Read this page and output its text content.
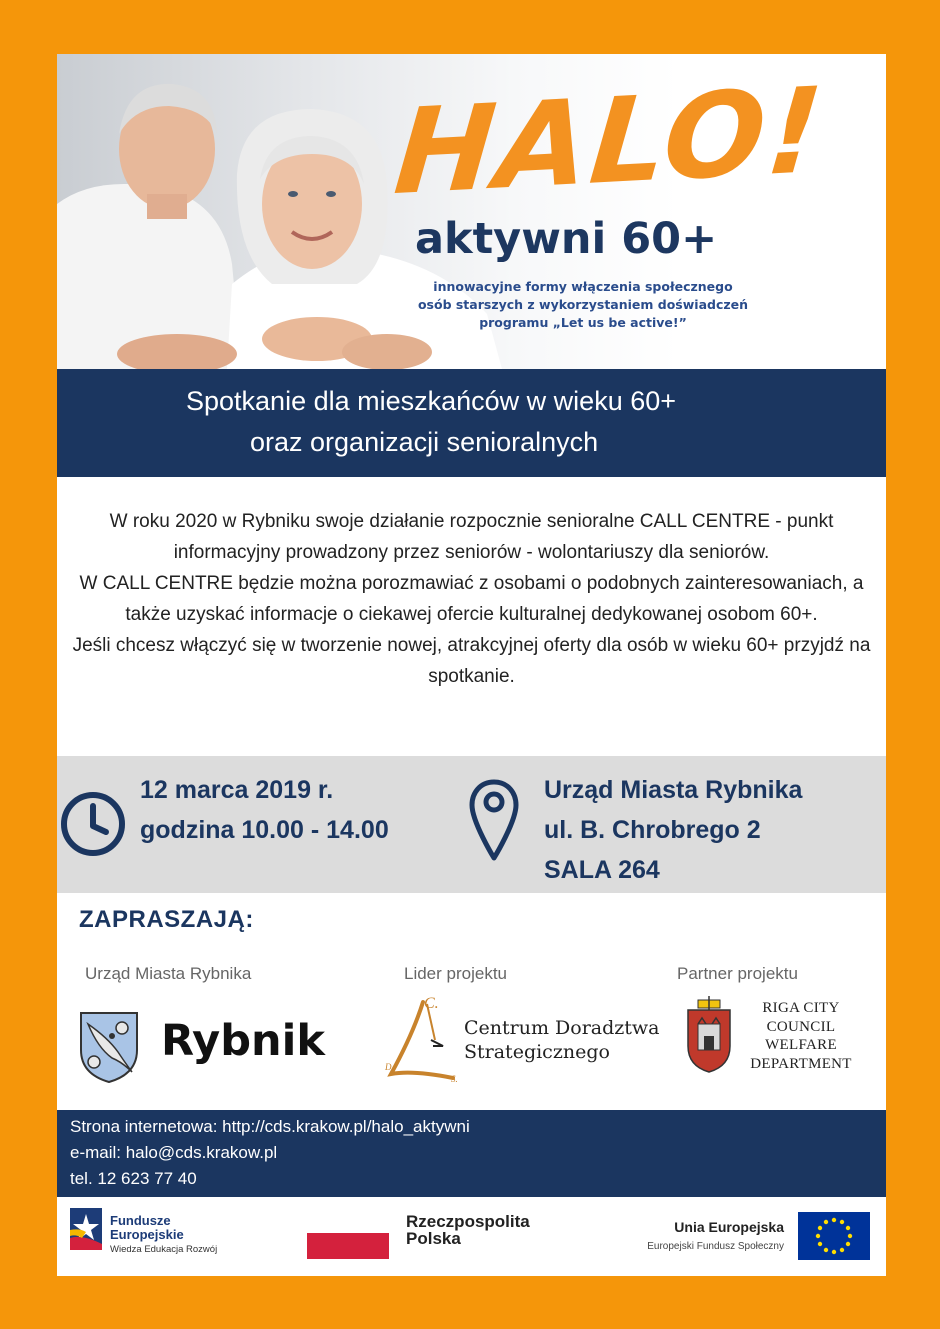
HALO!
aktywni 60+
innowacyjne formy włączenia społecznego
osób starszych z wykorzystaniem doświadczeń
programu „Let us be active!”
Spotkanie dla mieszkańców w wieku 60+
oraz organizacji senioralnych

W roku 2020 w Rybniku swoje działanie rozpocznie senioralne CALL CENTRE - punkt informacyjny prowadzony przez seniorów - wolontariuszy dla seniorów.

W CALL CENTRE będzie można porozmawiać z osobami o podobnych zainteresowaniach, a także uzyskać informacje o ciekawej ofercie kulturalnej dedykowanej osobom 60+.

Jeśli chcesz włączyć się w tworzenie nowej, atrakcyjnej oferty dla osób w wieku 60+ przyjdź na spotkanie.

12 marca 2019 r.
godzina 10.00 - 14.00
Urząd Miasta Rybnika
ul. B. Chrobrego 2
SALA 264
ZAPRASZAJĄ:
Urząd Miasta Rybnika	Lider projektu	Partner projektu
Rybnik
C.
D.
S.
Centrum Doradztwa
Strategicznego
RIGA CITY
COUNCIL
WELFARE
DEPARTMENT
Strona internetowa: http://cds.krakow.pl/halo_aktywni
e-mail: halo@cds.krakow.pl
tel. 12 623 77 40
Fundusze
Europejskie
Wiedza Edukacja Rozwój
Rzeczpospolita
Polska
Unia Europejska
Europejski Fundusz Społeczny
